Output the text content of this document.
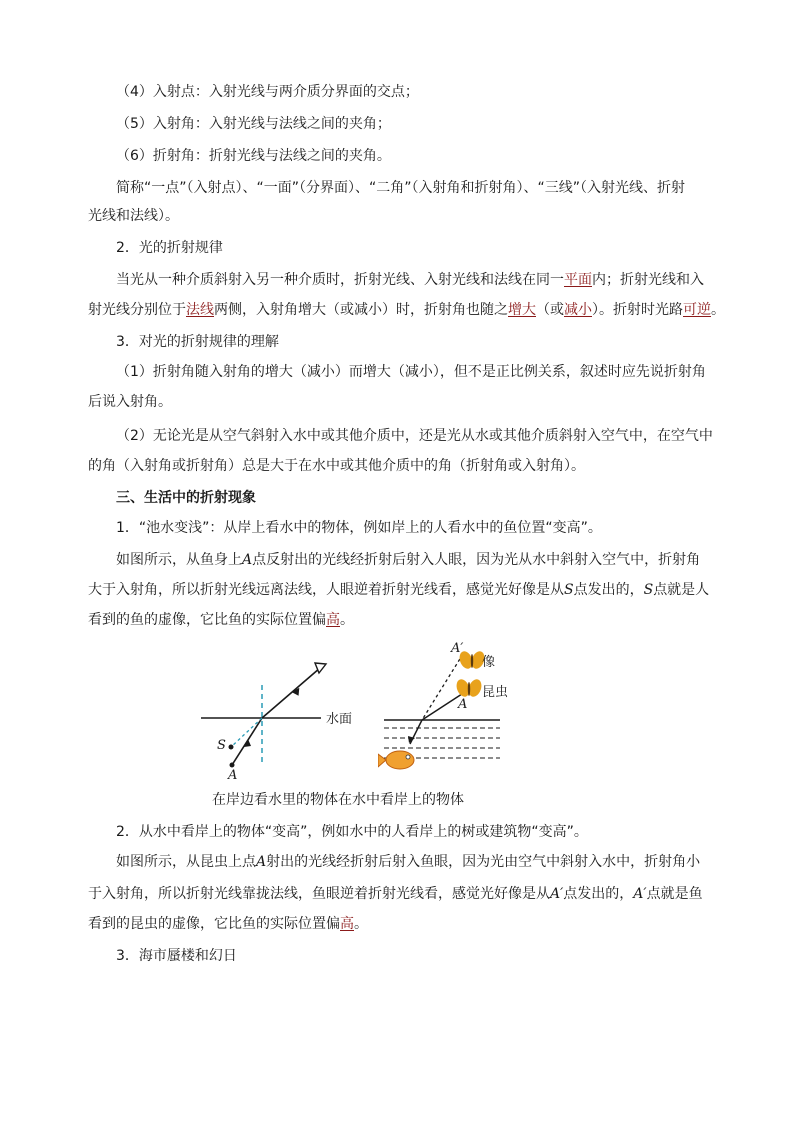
（4）入射点：入射光线与两介质分界面的交点；
（5）入射角：入射光线与法线之间的夹角；
（6）折射角：折射光线与法线之间的夹角。
简称“一点”（入射点）、“一面”（分界面）、“二角”（入射角和折射角）、“三线”（入射光线、折射
光线和法线）。
2．光的折射规律
当光从一种介质斜射入另一种介质时，折射光线、入射光线和法线在同一平面内；折射光线和入
射光线分别位于法线两侧，入射角增大（或减小）时，折射角也随之增大（或减小）。折射时光路可逆。
3．对光的折射规律的理解
（1）折射角随入射角的增大（减小）而增大（减小），但不是正比例关系，叙述时应先说折射角
后说入射角。
（2）无论光是从空气斜射入水中或其他介质中，还是光从水或其他介质斜射入空气中，在空气中
的角（入射角或折射角）总是大于在水中或其他介质中的角（折射角或入射角）。
三、生活中的折射现象
1．“池水变浅”：从岸上看水中的物体，例如岸上的人看水中的鱼位置“变高”。
如图所示，从鱼身上A点反射出的光线经折射后射入人眼，因为光从水中斜射入空气中，折射角
大于入射角，所以折射光线远离法线，人眼逆着折射光线看，感觉光好像是从S点发出的，S点就是人
看到的鱼的虚像，它比鱼的实际位置偏高。
水面
S
A
A′
像
昆虫
A
在岸边看水里的物体在水中看岸上的物体
2．从水中看岸上的物体“变高”，例如水中的人看岸上的树或建筑物“变高”。
如图所示，从昆虫上点A射出的光线经折射后射入鱼眼，因为光由空气中斜射入水中，折射角小
于入射角，所以折射光线靠拢法线，鱼眼逆着折射光线看，感觉光好像是从A′点发出的，A′点就是鱼
看到的昆虫的虚像，它比鱼的实际位置偏高。
3．海市蜃楼和幻日
